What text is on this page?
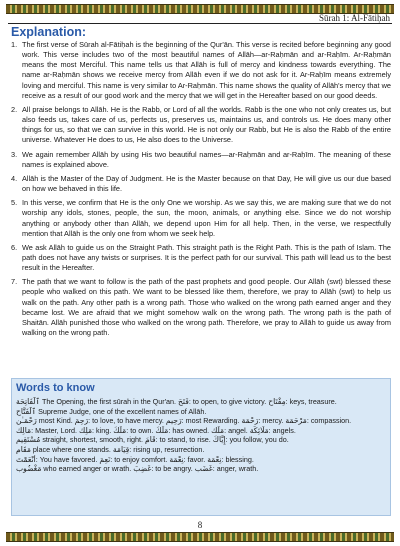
Sūrah 1: Al-Fātiḥah
Explanation:
1. The first verse of Sūrah al-Fātiḥah is the beginning of the Qur'ān. This verse is recited before beginning any good work. This verse includes two of the most beautiful names of Allāh—ar-Raḥmān and ar-Raḥīm. Ar-Raḥmān means the most Merciful. This name tells us that Allāh is full of mercy and kindness towards everything. The name ar-Raḥmān shows we receive mercy from Allāh even if we do not ask for it. Ar-Raḥīm means extremely loving and merciful. This name is very similar to Ar-Raḥmān. This name shows the quality of Allāh's mercy that we receive as a result of our good work and the mercy that we will get in the Hereafter based on our good deeds.
2. All praise belongs to Allāh. He is the Rabb, or Lord of all the worlds. Rabb is the one who not only creates us, but also feeds us, takes care of us, perfects us, preserves us, maintains us, and controls us. He does many other things for us, so that we can survive in this world. He is not only our Rabb, but He is also the Rabb of the entire universe. Whatever He does to us, He also does to the Universe.
3. We again remember Allāh by using His two beautiful names—ar-Raḥmān and ar-Raḥīm. The meaning of these names is explained above.
4. Allāh is the Master of the Day of Judgment. He is the Master because on that Day, He will give us our due based on how we behaved in this life.
5. In this verse, we confirm that He is the only One we worship. As we say this, we are making sure that we do not worship any idols, stones, people, the sun, the moon, animals, or anything else. Since we do not worship anything or anybody other than Allāh, we depend upon Him for all help. Then, in the verse, we respectfully mention that Allāh is the only one from whom we seek help.
6. We ask Allāh to guide us on the Straight Path. This straight path is the Right Path. This is the path of Islam. The path does not have any twists or surprises. It is the perfect path for our survival. This path will lead us to the best result in the Hereafter.
7. The path that we want to follow is the path of the past prophets and good people. Our Allāh (swt) blessed these people who walked on this path. We want to be blessed like them, therefore, we pray to Allāh (swt) to help us walk on the path. Any other path is a wrong path. Those who walked on the wrong path earned anger and they became lost. We are afraid that we might somehow walk on the wrong path. The wrong path is the path of Shaitān. Allāh punished those who walked on the wrong path. Therefore, we pray to Allāh to guide us away from walking on the wrong path.
Words to know
ٱلْفَاتِحَة The Opening, the first sūrah in the Qur'an. فَتَحَ: to open, to give victory. مِفْتَاح: keys, treasure.
ٱلْفَتَّاح Supreme Judge, one of the excellent names of Allāh.
رَحْمَـٰن most Kind. رَحِمَ: to love, to have mercy. رَحِيم: most Rewarding. رَحْمَة: mercy. مَرْحَمَة: compassion.
مَالِك: Master, Lord. مَلِك: king. مَلَكَ: to own. مَلَكَ: has owned. مَلَك: angel. مَلَائِكَة: angels.
مُسْتَقِيم straight, shortest, smooth, right. قَامَ: to stand, to rise. إِيَّاكَ: you follow, you do.
مَقَام place where one stands. قِيَامَة: rising up, resurrection.
أَنْعَمْتَ: You have favored. نَعِمَ: to enjoy comfort. نِعْمَة: favor. نِعْمَة: blessing.
مَغْضُوب who earned anger or wrath. غَضِبَ: to be angry. غَضَب: anger, wrath.
8
